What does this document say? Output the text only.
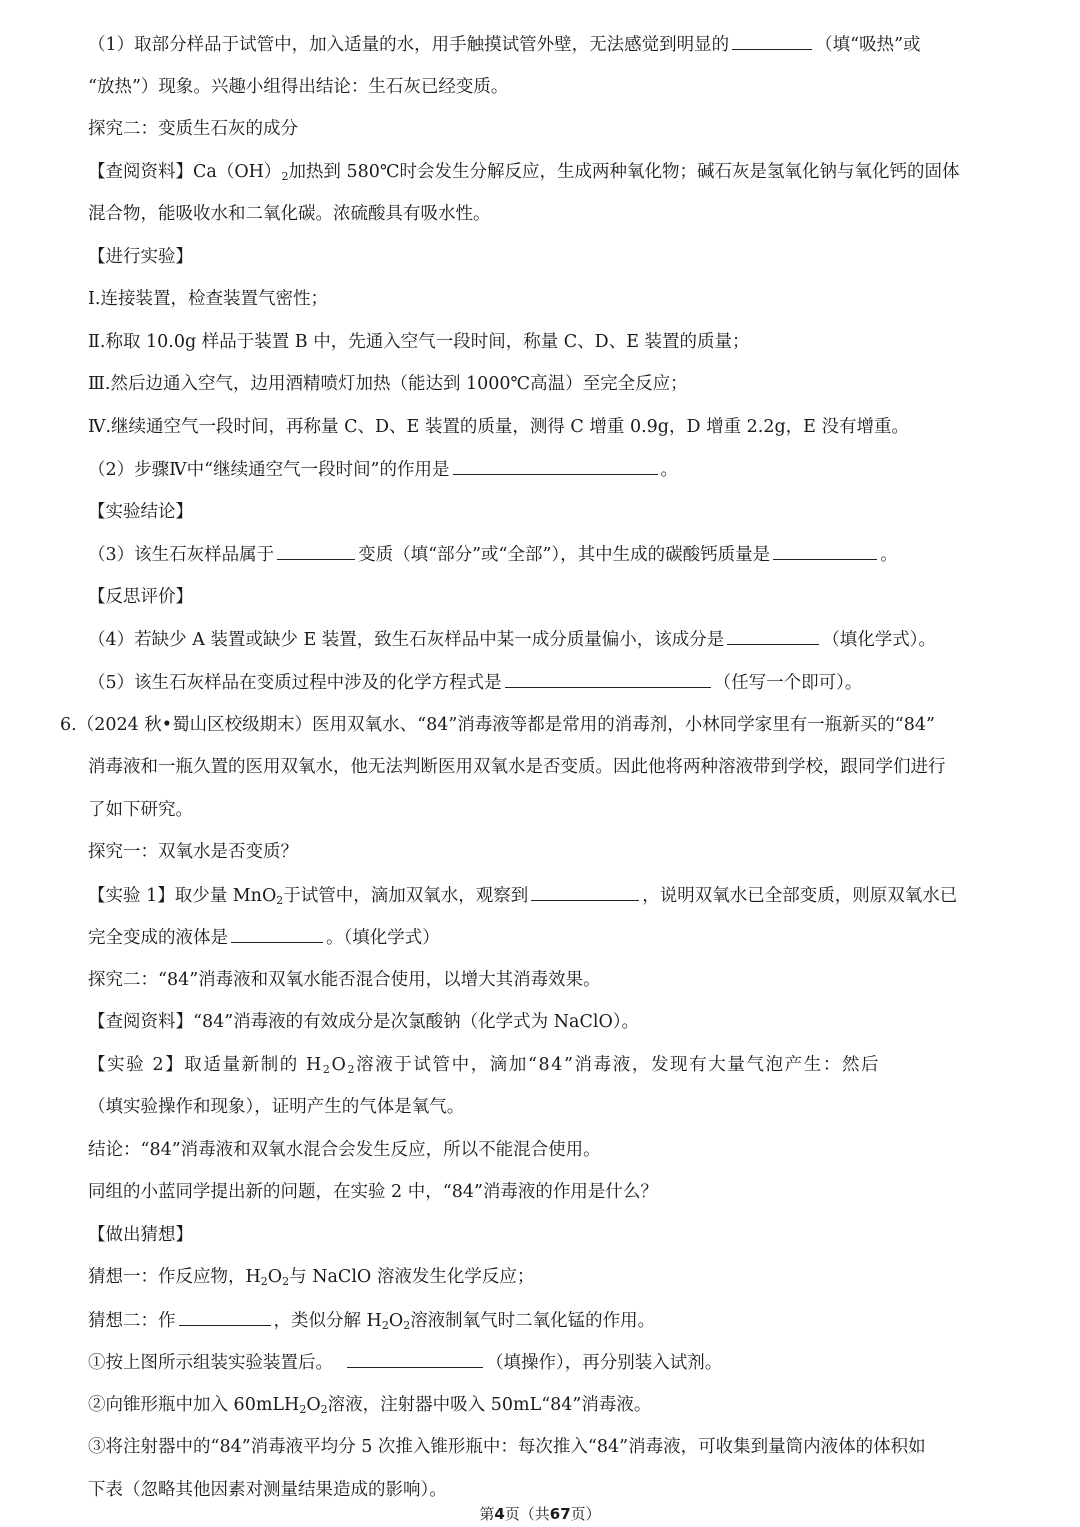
（1）取部分样品于试管中，加入适量的水，用手触摸试管外壁，无法感觉到明显的	（填“吸热”或
“放热”）现象。兴趣小组得出结论：生石灰已经变质。
探究二：变质生石灰的成分
【查阅资料】$Ca(OH)_2$加热到 580℃时会发生分解反应，生成两种氧化物；碱石灰是氢氧化钠与氧化钙的固体
混合物，能吸收水和二氧化碳。浓硫酸具有吸水性。
【进行实验】
Ⅰ.连接装置，检查装置气密性；
Ⅱ.称取 10.0g 样品于装置 B 中，先通入空气一段时间，称量 C、D、E 装置的质量；
Ⅲ.然后边通入空气，边用酒精喷灯加热（能达到 1000℃高温）至完全反应；
Ⅳ.继续通空气一段时间，再称量 C、D、E 装置的质量，测得 C 增重 0.9g，D 增重 2.2g，E 没有增重。
（2）步骤Ⅳ中“继续通空气一段时间”的作用是	。
【实验结论】
（3）该生石灰样品属于	变质（填“部分”或“全部”），其中生成的碳酸钙质量是	。
【反思评价】
（4）若缺少 A 装置或缺少 E 装置，致生石灰样品中某一成分质量偏小，该成分是	（填化学式）。
（5）该生石灰样品在变质过程中涉及的化学方程式是	（任写一个即可）。
6.（2024 秋•蜀山区校级期末）医用双氧水、“84”消毒液等都是常用的消毒剂，小林同学家里有一瓶新买的“84”
消毒液和一瓶久置的医用双氧水，他无法判断医用双氧水是否变质。因此他将两种溶液带到学校，跟同学们进行
了如下研究。
探究一：双氧水是否变质？
【实验 1】取少量 MnO$_2$于试管中，滴加双氧水，观察到	，说明双氧水已全部变质，则原双氧水已
完全变成的液体是	。（填化学式）
探究二：“84”消毒液和双氧水能否混合使用，以增大其消毒效果。
【查阅资料】“84”消毒液的有效成分是次氯酸钠（化学式为 NaClO）。
【实验 2】取适量新制的 $H_2O_2$溶液于试管中，滴加“84”消毒液，发现有大量气泡产生：然后
（填实验操作和现象），证明产生的气体是氧气。
结论：“84”消毒液和双氧水混合会发生反应，所以不能混合使用。
同组的小蓝同学提出新的问题，在实验 2 中，“84”消毒液的作用是什么？
【做出猜想】
猜想一：作反应物，$H_2O_2$与 NaClO 溶液发生化学反应；
猜想二：作	，类似分解 $H_2O_2$溶液制氧气时二氧化锰的作用。
①按上图所示组装实验装置后。	（填操作），再分别装入试剂。
②向锥形瓶中加入 $60mLH_2O_2$溶液，注射器中吸入 50mL“84”消毒液。
③将注射器中的“84”消毒液平均分 5 次推入锥形瓶中：每次推入“84”消毒液，可收集到量筒内液体的体积如
下表（忽略其他因素对测量结果造成的影响）。
第4页（共67页）
